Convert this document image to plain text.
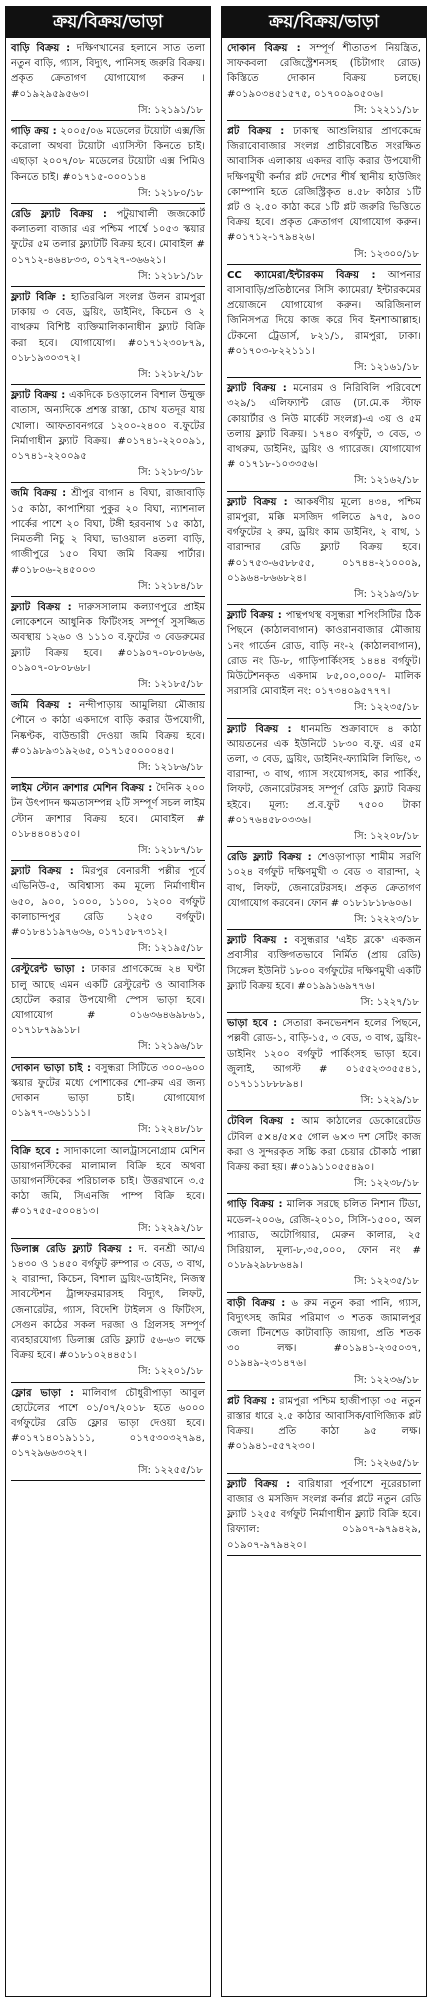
ক্রয়/বিক্রয়/ভাড়া
বাড়ি বিক্রয় : দক্ষিণখানের হলানে সাত তলা নতুন বাড়ি, গ্যাস, বিদ্যুৎ, পানিসহ জরুরি বিক্রয়। প্রকৃত ক্রেতাগণ যোগাযোগ করুন ।#০১৯২৯৫৯৫৬৩।
সি: ১২১৯১/১৮
গাড়ি ক্রয় : ২০০৫/০৬ মডেলের টয়োটা এক্স/জি করোলা অথবা টয়োটা এ্যাসিস্টা কিনতে চাই। এছাড়া ২০০৭/০৮ মডেলের টয়োটা এক্স পিমিও কিনতে চাই। #০১৭১৫-০০০১১৪
সি: ১২১৮০/১৮
রেডি ফ্ল্যাট বিক্রয় : পটুয়াখালী জজকোর্ট কলাতলা বাজার এর পশ্চিম পার্শ্বে ১০৫৩ স্কয়ার ফুটের ৫ম তলার ফ্ল্যাটটি বিক্রয় হবে। মোবাইল # ০১৭১২-৪৬৪৮৩৩, ০১৭২৭-৩৬৬২১।
সি: ১২১৮১/১৮
ফ্ল্যাট বিক্রি : হাতিরঝিল সংলগ্ন উলন রামপুরা ঢাকায় ৩ বেড, ড্রয়িং, ডাইনিং, কিচেন ও ২ বাথরুম বিশিষ্ট ব্যক্তিমালিকানাধীন ফ্ল্যাট বিক্রি করা হবে। যোগাযোগ। #০১৭১২৩০৮৭৯, ০১৮১৯৩০৩৭২।
সি: ১২১৮২/১৮
ফ্ল্যাট বিক্রয় : একদিকে চওড়ালেন বিশাল উন্মুক্ত বাতাস, অন্যদিকে প্রশস্ত রাস্তা, চোখ যতদূর যায় খোলা। আফতাবনগরে ১২০০-২৪০০ ব.ফুটের নির্মাণাধীন ফ্ল্যাট বিক্রয়। #০১৭৪১-২২০০৯১, ০১৭৪১-২২০০৯৫
সি: ১২১৮৩/১৮
জমি বিক্রয় : শ্রীপুর বাগান ৪ বিঘা, রাজাবাড়ি ১৫ কাঠা, কাপাশিয়া পুকুর ২০ বিঘা, ন্যাশনাল পার্কের পাশে ২০ বিঘা, টঙ্গী হরবনাথ ১৫ কাঠা, নিমতলী নিচু ২ বিঘা, ভাওয়াল ৪তলা বাড়ি, গাজীপুরে ১৫০ বিঘা জমি বিক্রয় পার্টার। #০১৮০৬-২৪৫০০৩
সি: ১২১৮৪/১৮
ফ্ল্যাট বিক্রয় : দারুসসালাম কল্যাণপুরে প্রাইম লোকেশনে আধুনিক ফিটিংসহ সম্পূর্ণ সুসজ্জিত অবস্থায় ১২৬০ ও ১১১০ ব.ফুটের ৩ বেডরুমের ফ্ল্যাট বিক্রয় হবে। #০১৯০৭-০৮০৮৬৬, ০১৯০৭-০৮০৮৬৮।
সি: ১২১৮৫/১৮
জমি বিক্রয় : নন্দীপাড়ায় আমুলিয়া মৌজায় পৌনে ৩ কাঠা একদাগে বাড়ি করার উপযোগী, নিষ্কণ্টক, বাউন্ডারী দেওয়া জমি বিক্রয় হবে। #০১৯৮৯৩১৯২৬৫, ০১৭১৫০০০০৪৫।
সি: ১২১৮৬/১৮
লাইম স্টোন ক্রাশার মেশিন বিক্রয় : দৈনিক ২০০ টন উৎপাদন ক্ষমতাসম্পন্ন ২টি সম্পূর্ণ সচল লাইম স্টোন ক্রাশার বিক্রয় হবে। মোবাইল # ০১৮৪৪০৪১৫০।
সি: ১২১৮৭/১৮
ফ্ল্যাট বিক্রয় : মিরপুর বেনারসী পল্লীর পূর্বে এভিনিউ-৫, অবিশ্বাস্য কম মূল্যে নির্মাণাধীন ৬৫০, ৯০০, ১০০০, ১১০০, ১২০০ বর্গফুট কালাচান্দপুর রেডি ১২৫০ বর্গফুট। #০১৮৪১১৯৭৬৩৬, ০১৭১৫৮৭৩১২।
সি: ১২১৯৫/১৮
রেস্টুরেন্ট ভাড়া : ঢাকার প্রাণকেন্দ্রে ২৪ ঘণ্টা চালু আছে এমন একটি রেস্টুরেন্ট ও আবাসিক হোটেল করার উপযোগী স্পেস ভাড়া হবে। যোগাযোগ # ০১৬৩৬৪৬৯৮৬১, ০১৭১৮৭৯৯১৮।
সি: ১২১৯৬/১৮
দোকান ভাড়া চাই : বসুন্ধরা সিটিতে ৩০০-৬০০ স্কয়ার ফুটের মধ্যে পোশাকের শো-রুম এর জন্য দোকান ভাড়া চাই। যোগাযোগ ০১৯৭৭-৩৬১১১১।
সি: ১২২৪৮/১৮
বিক্রি হবে : সাদাকালো আলট্রাসনোগ্রাম মেশিন ডায়াগনস্টিকের মালামাল বিক্রি হবে অথবা ডায়াগনস্টিকের পরিচালক চাই। উত্তরখানে ৩.৫ কাঠা জমি, সিএনজি পাম্প বিক্রি হবে। #০১৭৫৫-৫০০৪১৩।
সি: ১২২৯২/১৮
ডিলাক্স রেডি ফ্ল্যাট বিক্রয় : দ. বনশ্রী আ/এ ১৪৩০ ও ১৪৫০ বর্গফুট রুম্পার ৩ বেড, ৩ বাথ, ২ বারান্দা, কিচেন, বিশাল ড্রয়িং-ডাইনিং, নিজস্ব সাবস্টেশন ট্রান্সফরমারসহ বিদ্যুৎ, লিফট, জেনারেটর, গ্যাস, বিদেশি টাইলস ও ফিটিংস, সেগুন কাঠের সকল দরজা ও গ্রিলসহ সম্পূর্ণ ব্যবহারযোগ্য ডিলাক্স রেডি ফ্ল্যাট ৫৬-৬৩ লক্ষে বিক্রয় হবে। #০১৮১০২৪৪৫১।
সি: ১২২০১/১৮
ফ্লোর ভাড়া : মালিবাগ চৌধুরীপাড়া আবুল হোটেলের পাশে ০১/০৭/২০১৮ হতে ৬০০০ বর্গফুটের রেডি ফ্লোর ভাড়া দেওয়া হবে। #০১৭১৪০১৯১১১, ০১৭৫৩০৩২৭৯৪, ০১৭২৯৬৬৩৩২৭।
সি: ১২২৫৫/১৮
ক্রয়/বিক্রয়/ভাড়া
দোকান বিক্রয় : সম্পূর্ণ শীতাতপ নিয়ন্ত্রিত, সাফকবলা রেজিস্ট্রেশনসহ (চিটাগাং রোড) কিস্তিতে দোকান বিক্রয় চলছে। #০১৯০৩৪৫১৫৭৫, ০১৭০০৯০৫০৬।
সি: ১২২১১/১৮
প্লট বিক্রয় : ঢাকাস্থ আশুলিয়ার প্রাণকেন্দ্রে জিরাবোবাজার সংলগ্ন প্রাচীরবেষ্টিত সংরক্ষিত আবাসিক এলাকায় একদর বাড়ি করার উপযোগী দক্ষিণমুখী কর্নার প্লট দেশের শীর্ষ স্থানীয় হাউজিং কোম্পানি হতে রেজিস্ট্রিকৃত ৪.৫৮ কাঠার ১টি প্লট ও ২.৫০ কাঠা করে ১টি প্লট জরুরি ভিত্তিতে বিক্রয় হবে। প্রকৃত ক্রেতাগণ যোগাযোগ করুন। #০১৭১২-১৭৯৪২৬।
সি: ১২৩০০/১৮
CC ক্যামেরা/ইন্টারকম বিক্রয় : আপনার বাসাবাড়ি/প্রতিষ্ঠানের সিসি ক্যামেরা/ ইন্টারকমের প্রয়োজনে যোগাযোগ করুন। অরিজিনাল জিনিসপত্র দিয়ে কাজ করে দিব ইনশাআল্লাহ। টেকনো ট্রেডার্স, ৮২১/১, রামপুরা, ঢাকা। #০১৭০৩-৮২২১১১।
সি: ১২১৬১/১৮
ফ্ল্যাট বিক্রয় : মনোরম ও নিরিবিলি পরিবেশে ৩২৯/১ এলিফ্যান্ট রোড (ঢা.মে.ক স্টাফ কোয়ার্টার ও নিউ মার্কেট সংলগ্ন)-এ ৩য় ও ৫ম তলায় ফ্ল্যাট বিক্রয়। ১৭৪০ বর্গফুট, ৩ বেড, ৩ বাথরুম, ডাইনিং, ড্রয়িং ও গ্যারেজ। যোগাযোগ # ০১৭১৮-১০৩৩৫৬।
সি: ১২১৬২/১৮
ফ্ল্যাট বিক্রয় : আকর্ষণীয় মূল্যে ৪৩৪, পশ্চিম রামপুরা, মক্কি মসজিদ গলিতে ৯৭৫, ৯০০ বর্গফুটের ২ রুম, ড্রয়িং কাম ডাইনিং, ২ বাথ, ১ বারান্দার রেডি ফ্ল্যাট বিক্রয় হবে। #০১৭৫৩-৬৫৮৮৫৫, ০১৭৪৪-২১০০০৯, ০১৯৬৪-৮৬৬৮২৪।
সি: ১২১৯৩/১৮
ফ্ল্যাট বিক্রয় : পান্থপথস্থ বসুন্ধরা শপিংসিটির ঠিক পিছনে (কাঠালবাগান) কাওরানবাজার মৌজায় ১নং গার্ডেন রোড, বাড়ি নং-২ (কাঠালবাগান), রোড নং ডি-৮, গাড়িপার্কিংসহ ১৪৪৪ বর্গফুট। মিউটেশনকৃত একদাম ৮৫,০০,০০০/- মালিক সরাসরি মোবাইল নং: ০১৭৩৪০৯৫৭৭৭।
সি: ১২২৩৫/১৮
ফ্ল্যাট বিক্রয় : ধানমন্ডি শুক্রাবাদে ৪ কাঠা আয়তনের এক ইউনিটে ১৮৩০ ব.ফু. এর ৫ম তলা, ৩ বেড, ড্রয়িং, ডাইনিং-ফ্যামিলি লিভিং, ৩ বারান্দা, ৩ বাথ, গ্যাস সংযোগসহ, কার পার্কিং, লিফট, জেনারেটরসহ সম্পূর্ণ রেডি ফ্ল্যাট বিক্রয় হইবে। মূল্য: প্র.ব.ফুট ৭৫০০ টাকা #০১৭৬৪৫৮০৩৩৬।
সি: ১২২০৮/১৮
রেডি ফ্ল্যাট বিক্রয় : শেওড়াপাড়া শামীম সরণি ১০২৪ বর্গফুট দক্ষিণমুখী ৩ বেড ৩ বারান্দা, ২ বাথ, লিফট, জেনারেটরসহ। প্রকৃত ক্রেতাগণ যোগাযোগ করবেন। ফোন # ০১৮১৮১৮৬০৬।
সি: ১২২২৩/১৮
ফ্ল্যাট বিক্রয় : বসুন্ধরার 'এইচ ব্লকে' একজন প্রবাসীর ব্যক্তিগতভাবে নির্মিত (প্রায় রেডি) সিঙ্গেল ইউনিট ১৮০০ বর্গফুটের দক্ষিণমুখী একটি ফ্ল্যাট বিক্রয় হবে। #০১৯৯১৬৯৭৭৬।
সি: ১২২৭/১৮
ভাড়া হবে : সেতারা কনভেনশন হলের পিছনে, পল্লবী রোড-১, বাড়ি-১৫, ৩ বেড, ৩ বাথ, ড্রয়িং-ডাইনিং ১২০০ বর্গফুট পার্কিংসহ ভাড়া হবে। জুলাই, আগস্ট # ০১৫৫২৩৩৫৫৪১, ০১৭১১১৮৮৮৯৪।
সি: ১২২৯/১৮
টেবিল বিক্রয় : আম কাঠালের ডেকোরেটেড টেবিল ৫×৪/৫×৫ গোল ৬×৩ দশ সেটিং কাজ করা ও সুন্দরকৃত সচ্চি করা চেয়ার চৌকাঠ পাল্লা বিক্রয় করা হয়। #০১৯১১০৫৫৪৯০।
সি: ১২২৩৮/১৮
গাড়ি বিক্রয় : মালিক সরছে চলিত নিশান টিডা, মডেল-২০০৬, রেজি-২০১০, সিসি-১৫০০, অল প্যারাড, অটোগিয়ার, মেরুন কালার, ২৫ সিরিয়াল, মূল্য-৮,৩৫,০০০, ফোন নং # ০১৮৯২৯৮৮৬৪৯।
সি: ১২২৩৫/১৮
বাড়ী বিক্রয় : ৬ রুম নতুন করা পানি, গ্যাস, বিদ্যুৎসহ জমির পরিমাণ ৩ শতক জামালপুর জেলা টিনশেড কাটাবাড়ি জায়গা, প্রতি শতক ৩০ লক্ষ। #০১৯৪১-২৩৫০৩৭, ০১৯৪৯-২৩১৪৭৬।
সি: ১২২৩৬/১৮
প্লট বিক্রয় : রামপুরা পশ্চিম হাজীপাড়া ৩৫ নতুন রাস্তার ধারে ২.৫ কাঠার আবাসিক/বাণিজ্যিক প্লট বিক্রয়। প্রতি কাঠা ৯৫ লক্ষ। #০১৯৪১-৫৫৭২৩০।
সি: ১২২৬৫/১৮
ফ্ল্যাট বিক্রয় : বারিধারা পূর্বপাশে নূরেরচালা বাজার ও মসজিদ সংলগ্ন কর্নার প্লটে নতুন রেডি ফ্ল্যাট ১২৫৫ বর্গফুট নির্মাণাধীন ফ্ল্যাট বিক্রি হবে। রিফ্যাল: ০১৯০৭-৯৭৯৪২৯, ০১৯০৭-৯৭৯৪২০।
